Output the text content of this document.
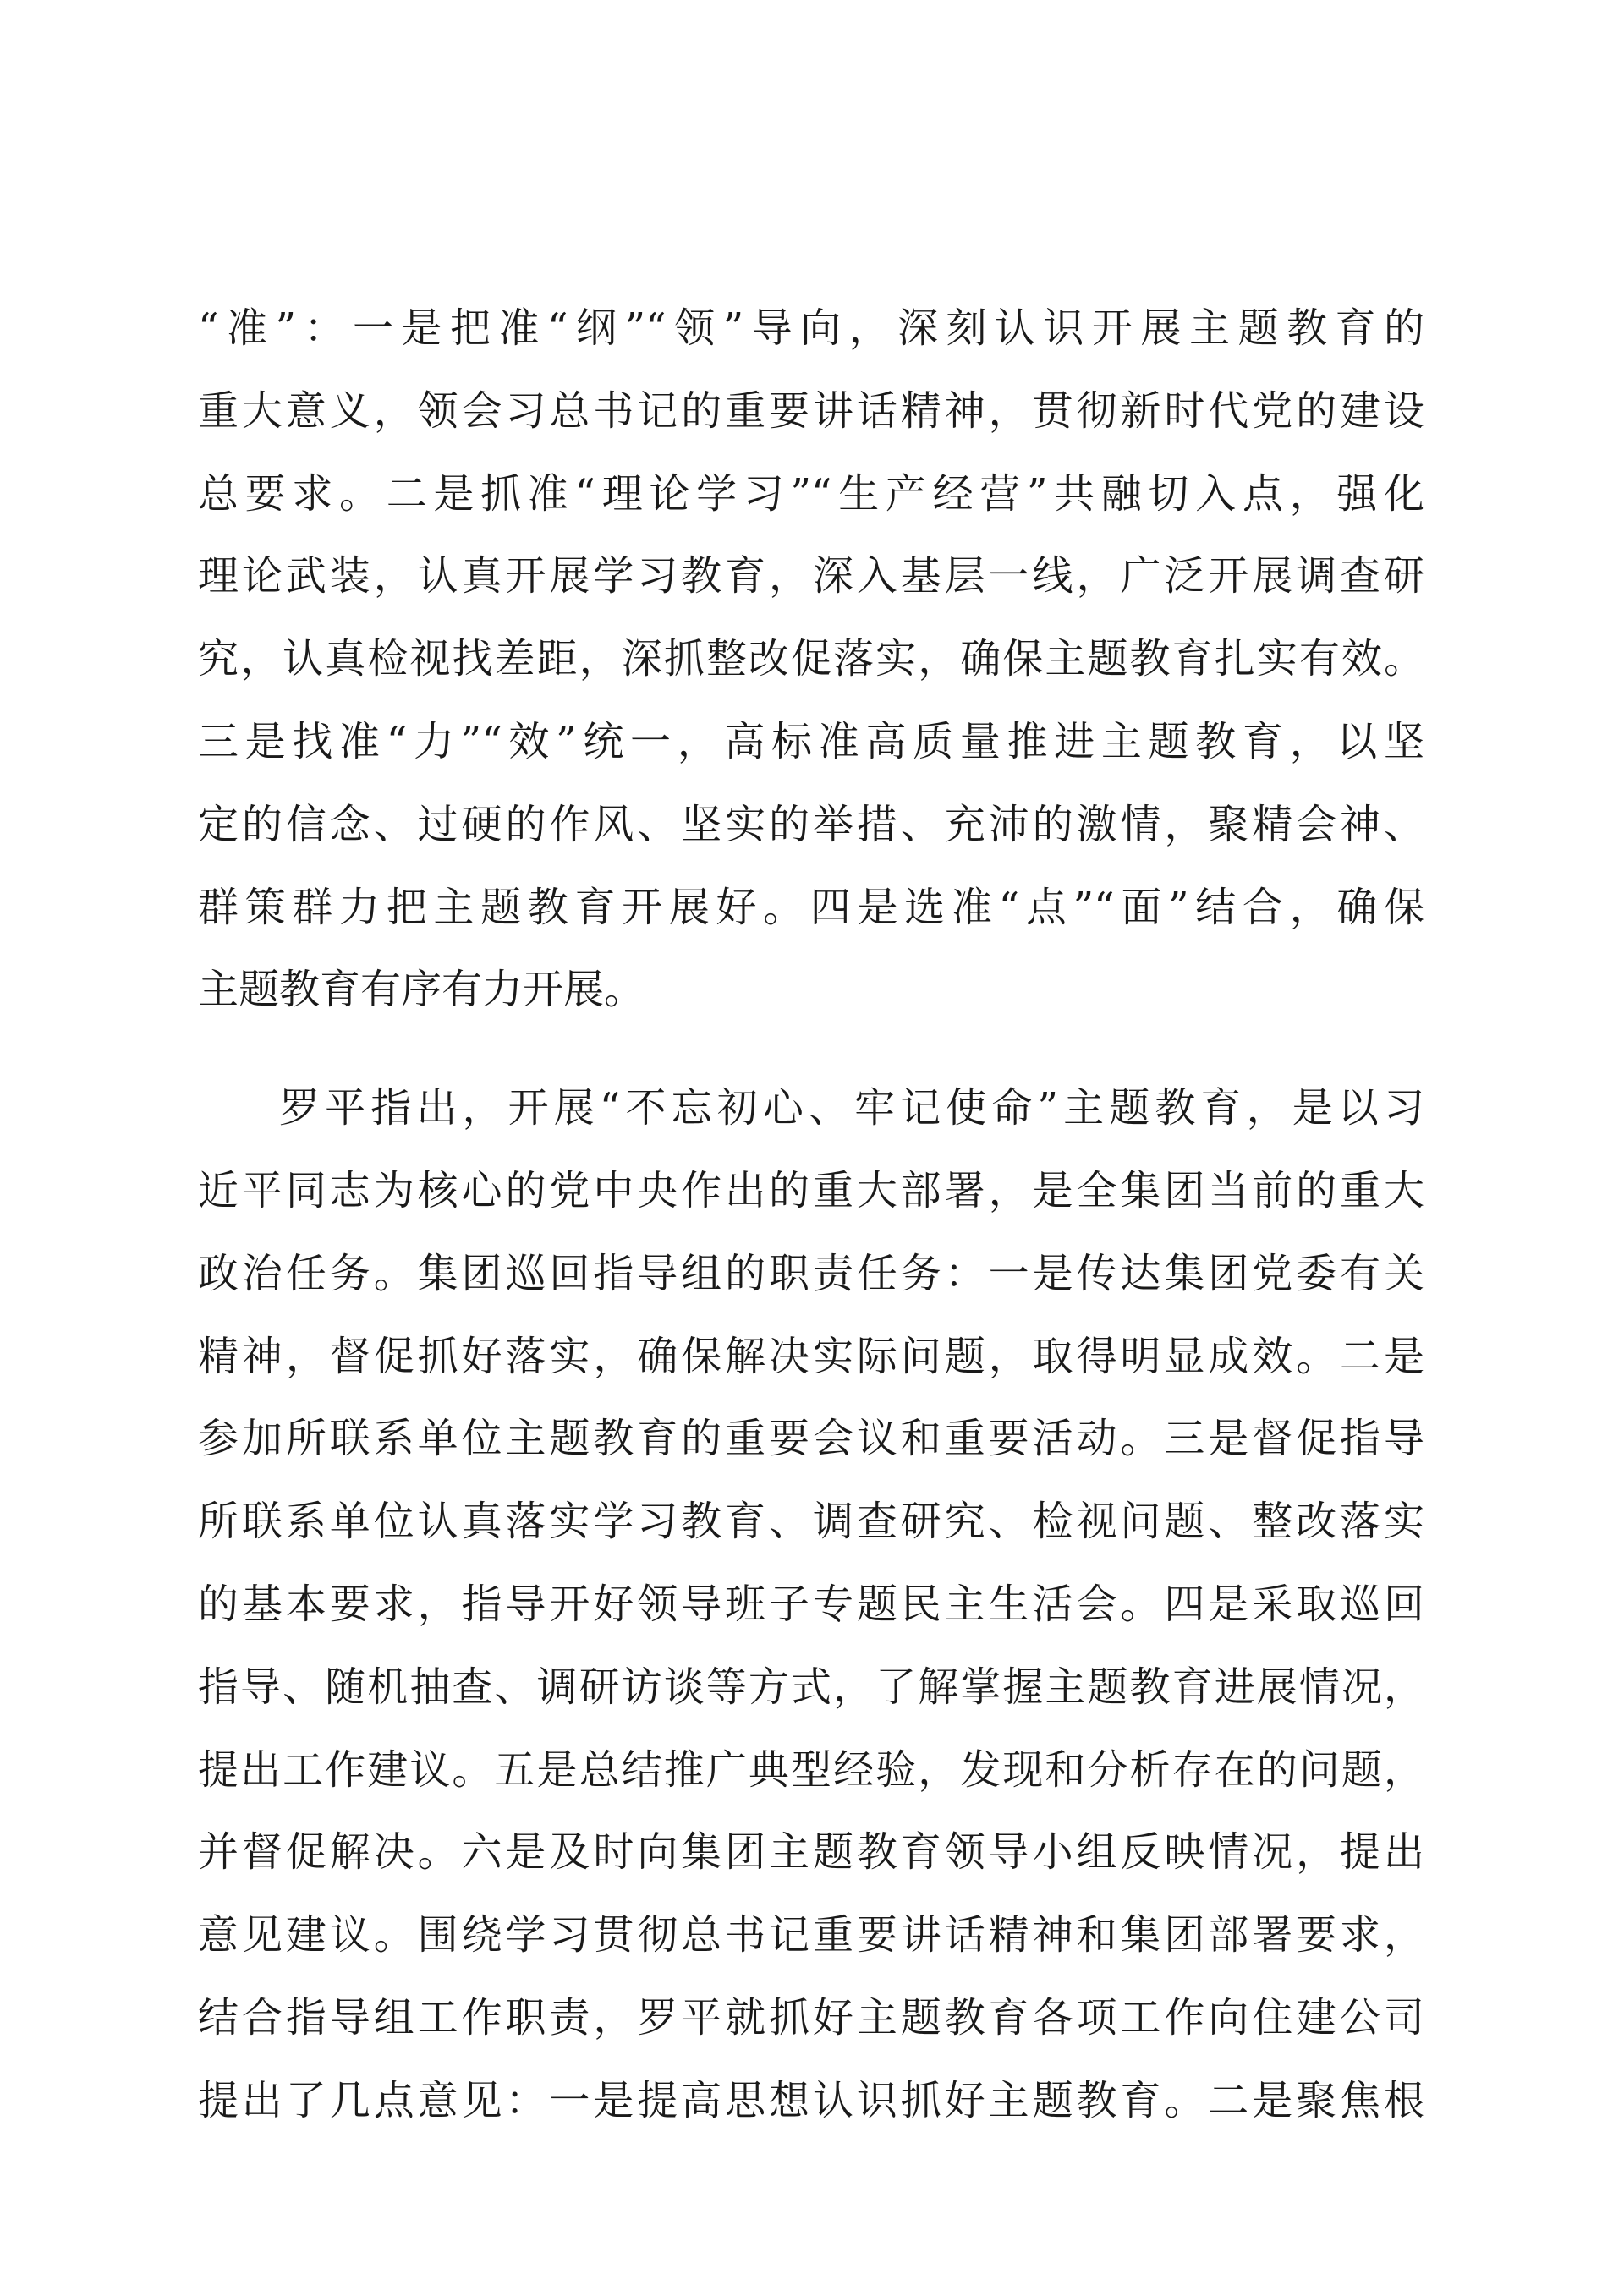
“准”：一是把准“纲”“领”导向，深刻认识开展主题教育的
重大意义，领会习总书记的重要讲话精神，贯彻新时代党的建设
总要求。二是抓准“理论学习”“生产经营”共融切入点，强化
理论武装，认真开展学习教育，深入基层一线，广泛开展调查研
究，认真检视找差距，深抓整改促落实，确保主题教育扎实有效。
三是找准“力”“效”统一，高标准高质量推进主题教育，以坚
定的信念、过硬的作风、坚实的举措、充沛的激情，聚精会神、
群策群力把主题教育开展好。四是选准“点”“面”结合，确保
主题教育有序有力开展。
罗平指出，开展“不忘初心、牢记使命”主题教育，是以习
近平同志为核心的党中央作出的重大部署，是全集团当前的重大
政治任务。集团巡回指导组的职责任务：一是传达集团党委有关
精神，督促抓好落实，确保解决实际问题，取得明显成效。二是
参加所联系单位主题教育的重要会议和重要活动。三是督促指导
所联系单位认真落实学习教育、调查研究、检视问题、整改落实
的基本要求，指导开好领导班子专题民主生活会。四是采取巡回
指导、随机抽查、调研访谈等方式，了解掌握主题教育进展情况，
提出工作建议。五是总结推广典型经验，发现和分析存在的问题，
并督促解决。六是及时向集团主题教育领导小组反映情况，提出
意见建议。围绕学习贯彻总书记重要讲话精神和集团部署要求，
结合指导组工作职责，罗平就抓好主题教育各项工作向住建公司
提出了几点意见：一是提高思想认识抓好主题教育。二是聚焦根
